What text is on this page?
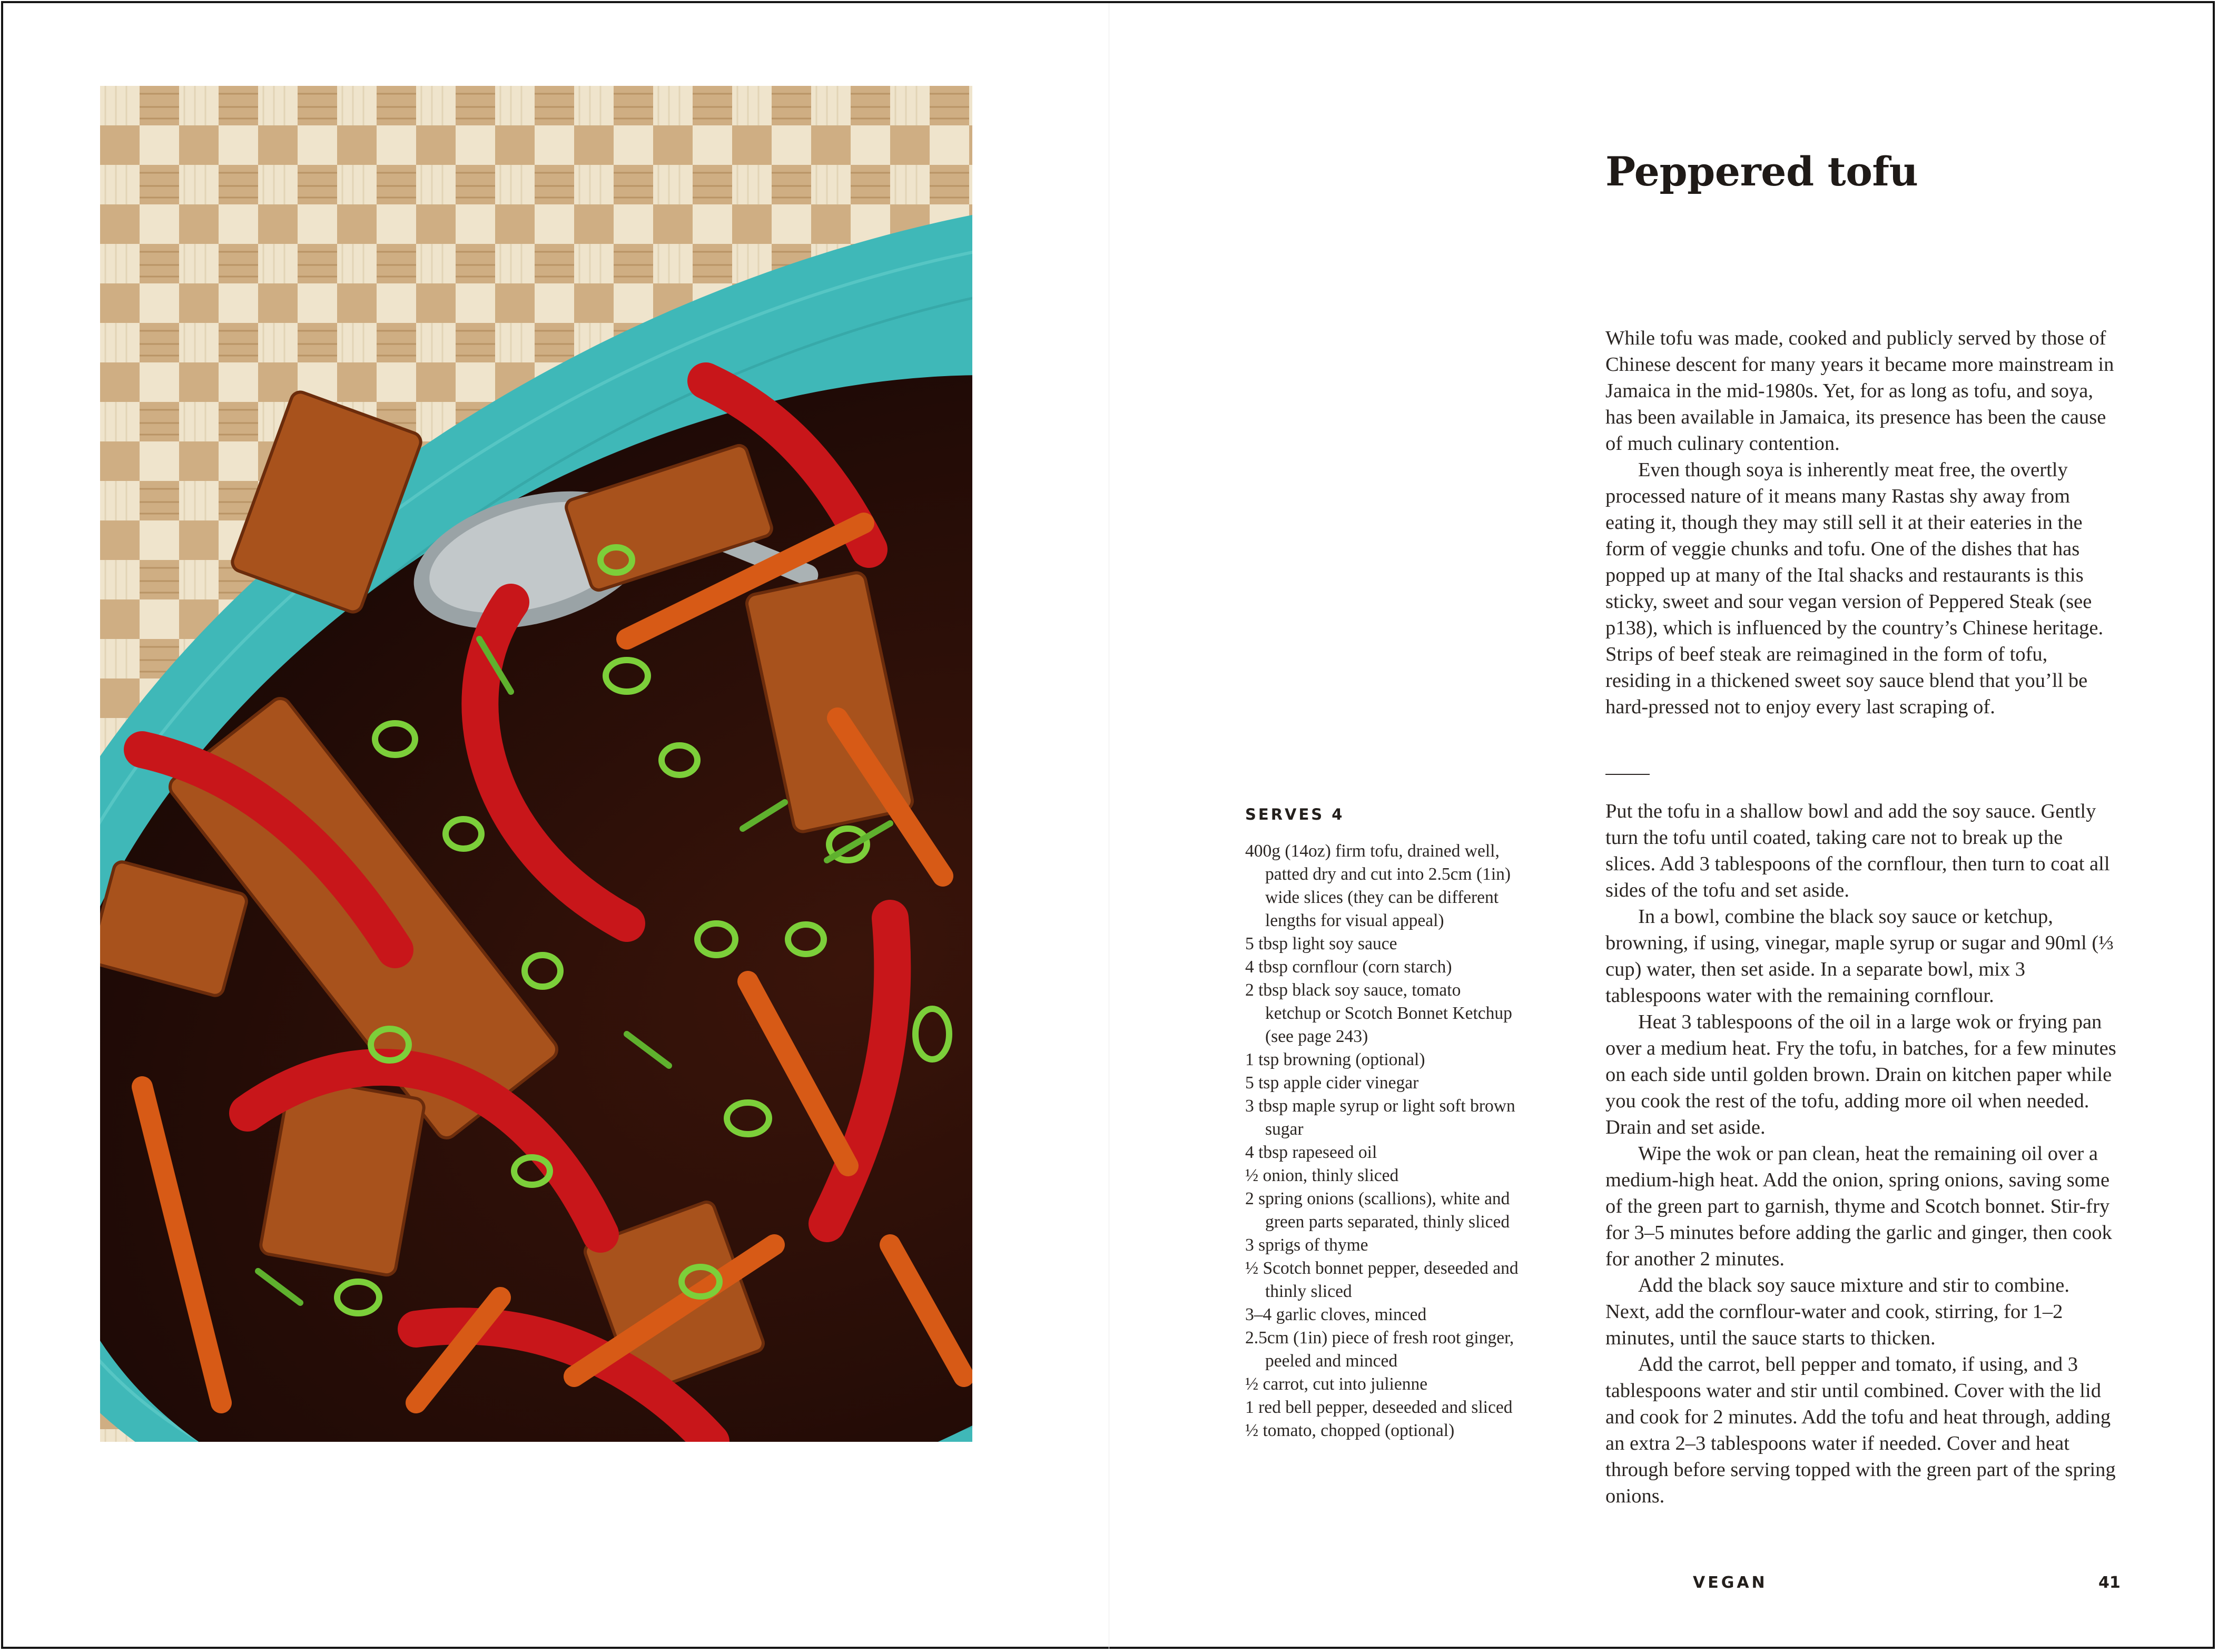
Peppered tofu

While tofu was made, cooked and publicly served by those of Chinese descent for many years it became more mainstream in Jamaica in the mid-1980s. Yet, for as long as tofu, and soya, has been available in Jamaica, its presence has been the cause of much culinary contention.

Even though soya is inherently meat free, the overtly processed nature of it means many Rastas shy away from eating it, though they may still sell it at their eateries in the form of veggie chunks and tofu. One of the dishes that has popped up at many of the Ital shacks and restaurants is this sticky, sweet and sour vegan version of Peppered Steak (see p138), which is influenced by the country’s Chinese heritage. Strips of beef steak are reimagined in the form of tofu, residing in a thickened sweet soy sauce blend that you’ll be hard-pressed not to enjoy every last scraping of.

SERVES 4

400g (14oz) firm tofu, drained well, patted dry and cut into 2.5cm (1in) wide slices (they can be different lengths for visual appeal)
5 tbsp light soy sauce
4 tbsp cornflour (corn starch)
2 tbsp black soy sauce, tomato ketchup or Scotch Bonnet Ketchup (see page 243)
1 tsp browning (optional)
5 tsp apple cider vinegar
3 tbsp maple syrup or light soft brown sugar
4 tbsp rapeseed oil
½ onion, thinly sliced
2 spring onions (scallions), white and green parts separated, thinly sliced
3 sprigs of thyme
½ Scotch bonnet pepper, deseeded and thinly sliced
3–4 garlic cloves, minced
2.5cm (1in) piece of fresh root ginger, peeled and minced
½ carrot, cut into julienne
1 red bell pepper, deseeded and sliced
½ tomato, chopped (optional)

Put the tofu in a shallow bowl and add the soy sauce. Gently turn the tofu until coated, taking care not to break up the slices. Add 3 tablespoons of the cornflour, then turn to coat all sides of the tofu and set aside.

In a bowl, combine the black soy sauce or ketchup, browning, if using, vinegar, maple syrup or sugar and 90ml (⅓ cup) water, then set aside. In a separate bowl, mix 3 tablespoons water with the remaining cornflour.

Heat 3 tablespoons of the oil in a large wok or frying pan over a medium heat. Fry the tofu, in batches, for a few minutes on each side until golden brown. Drain on kitchen paper while you cook the rest of the tofu, adding more oil when needed. Drain and set aside.

Wipe the wok or pan clean, heat the remaining oil over a medium-high heat. Add the onion, spring onions, saving some of the green part to garnish, thyme and Scotch bonnet. Stir-fry for 3–5 minutes before adding the garlic and ginger, then cook for another 2 minutes.

Add the black soy sauce mixture and stir to combine. Next, add the cornflour-water and cook, stirring, for 1–2 minutes, until the sauce starts to thicken.

Add the carrot, bell pepper and tomato, if using, and 3 tablespoons water and stir until combined. Cover with the lid and cook for 2 minutes. Add the tofu and heat through, adding an extra 2–3 tablespoons water if needed. Cover and heat through before serving topped with the green part of the spring onions.

VEGAN	41
